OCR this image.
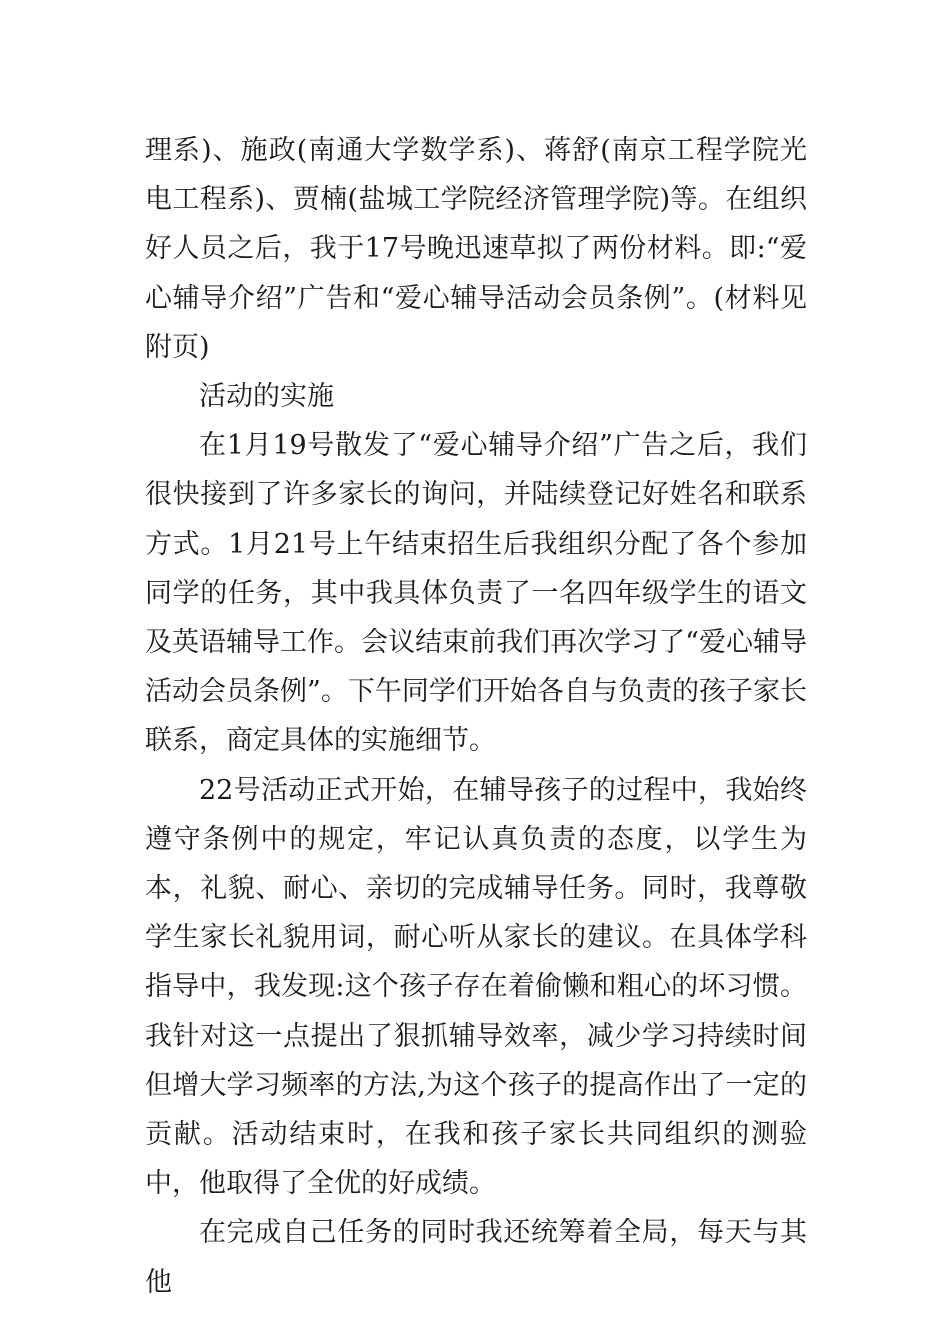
理系)、施政(南通大学数学系)、蒋舒(南京工程学院光电工程系)、贾楠(盐城工学院经济管理学院)等。在组织好人员之后，我于17号晚迅速草拟了两份材料。即:“爱心辅导介绍”广告和“爱心辅导活动会员条例”。(材料见附页)

活动的实施

在1月19号散发了“爱心辅导介绍”广告之后，我们很快接到了许多家长的询问，并陆续登记好姓名和联系方式。1月21号上午结束招生后我组织分配了各个参加同学的任务，其中我具体负责了一名四年级学生的语文及英语辅导工作。会议结束前我们再次学习了“爱心辅导活动会员条例”。下午同学们开始各自与负责的孩子家长联系，商定具体的实施细节。

22号活动正式开始，在辅导孩子的过程中，我始终遵守条例中的规定，牢记认真负责的态度，以学生为本，礼貌、耐心、亲切的完成辅导任务。同时，我尊敬学生家长礼貌用词，耐心听从家长的建议。在具体学科指导中，我发现:这个孩子存在着偷懒和粗心的坏习惯。我针对这一点提出了狠抓辅导效率，减少学习持续时间但增大学习频率的方法,为这个孩子的提高作出了一定的贡献。活动结束时，在我和孩子家长共同组织的测验中，他取得了全优的好成绩。

在完成自己任务的同时我还统筹着全局，每天与其他
